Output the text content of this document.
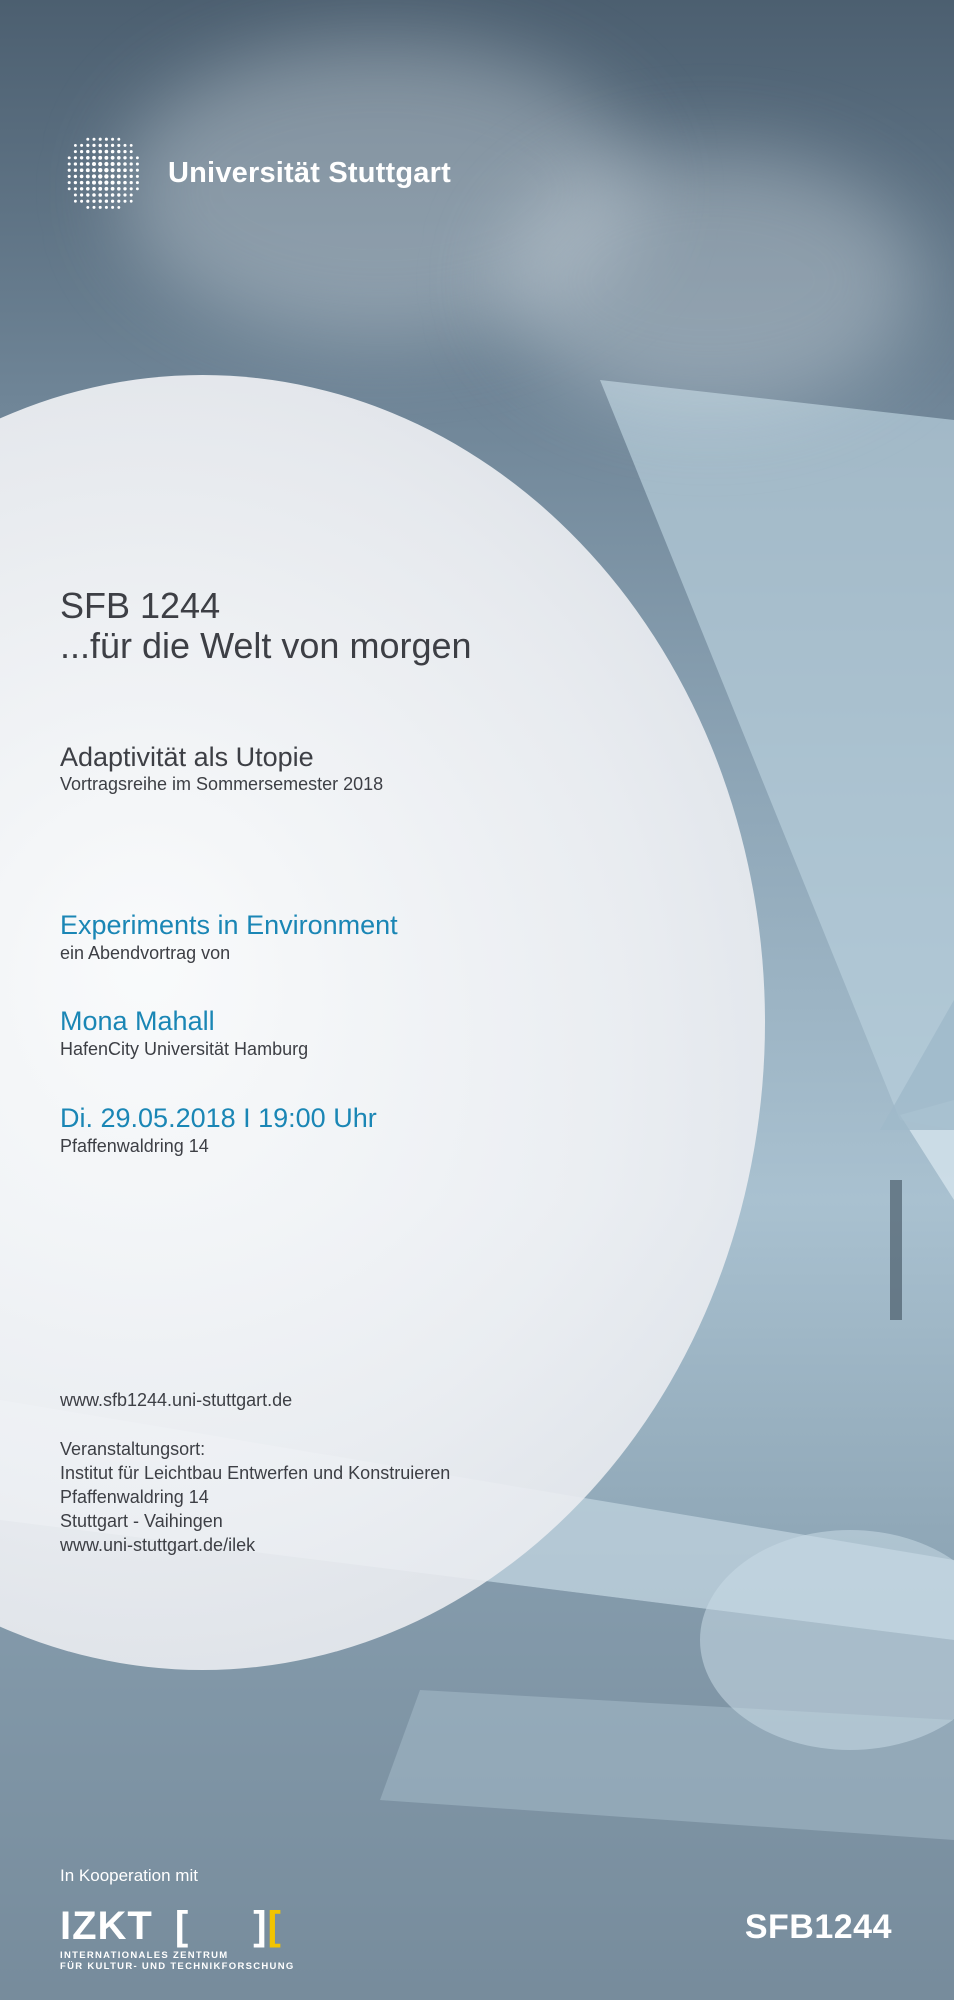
Universität Stuttgart
SFB 1244
...für die Welt von morgen
Adaptivität als Utopie
Vortragsreihe im Sommersemester 2018
Experiments in Environment
ein Abendvortrag von
Mona Mahall
HafenCity Universität Hamburg
Di. 29.05.2018 I 19:00 Uhr
Pfaffenwaldring 14
www.sfb1244.uni-stuttgart.de
Veranstaltungsort:
Institut für Leichtbau Entwerfen und Konstruieren
Pfaffenwaldring 14
Stuttgart - Vaihingen
www.uni-stuttgart.de/ilek
In Kooperation mit
IZKT [ ] [
INTERNATIONALES ZENTRUM
FÜR KULTUR- UND TECHNIKFORSCHUNG
SFB1244
